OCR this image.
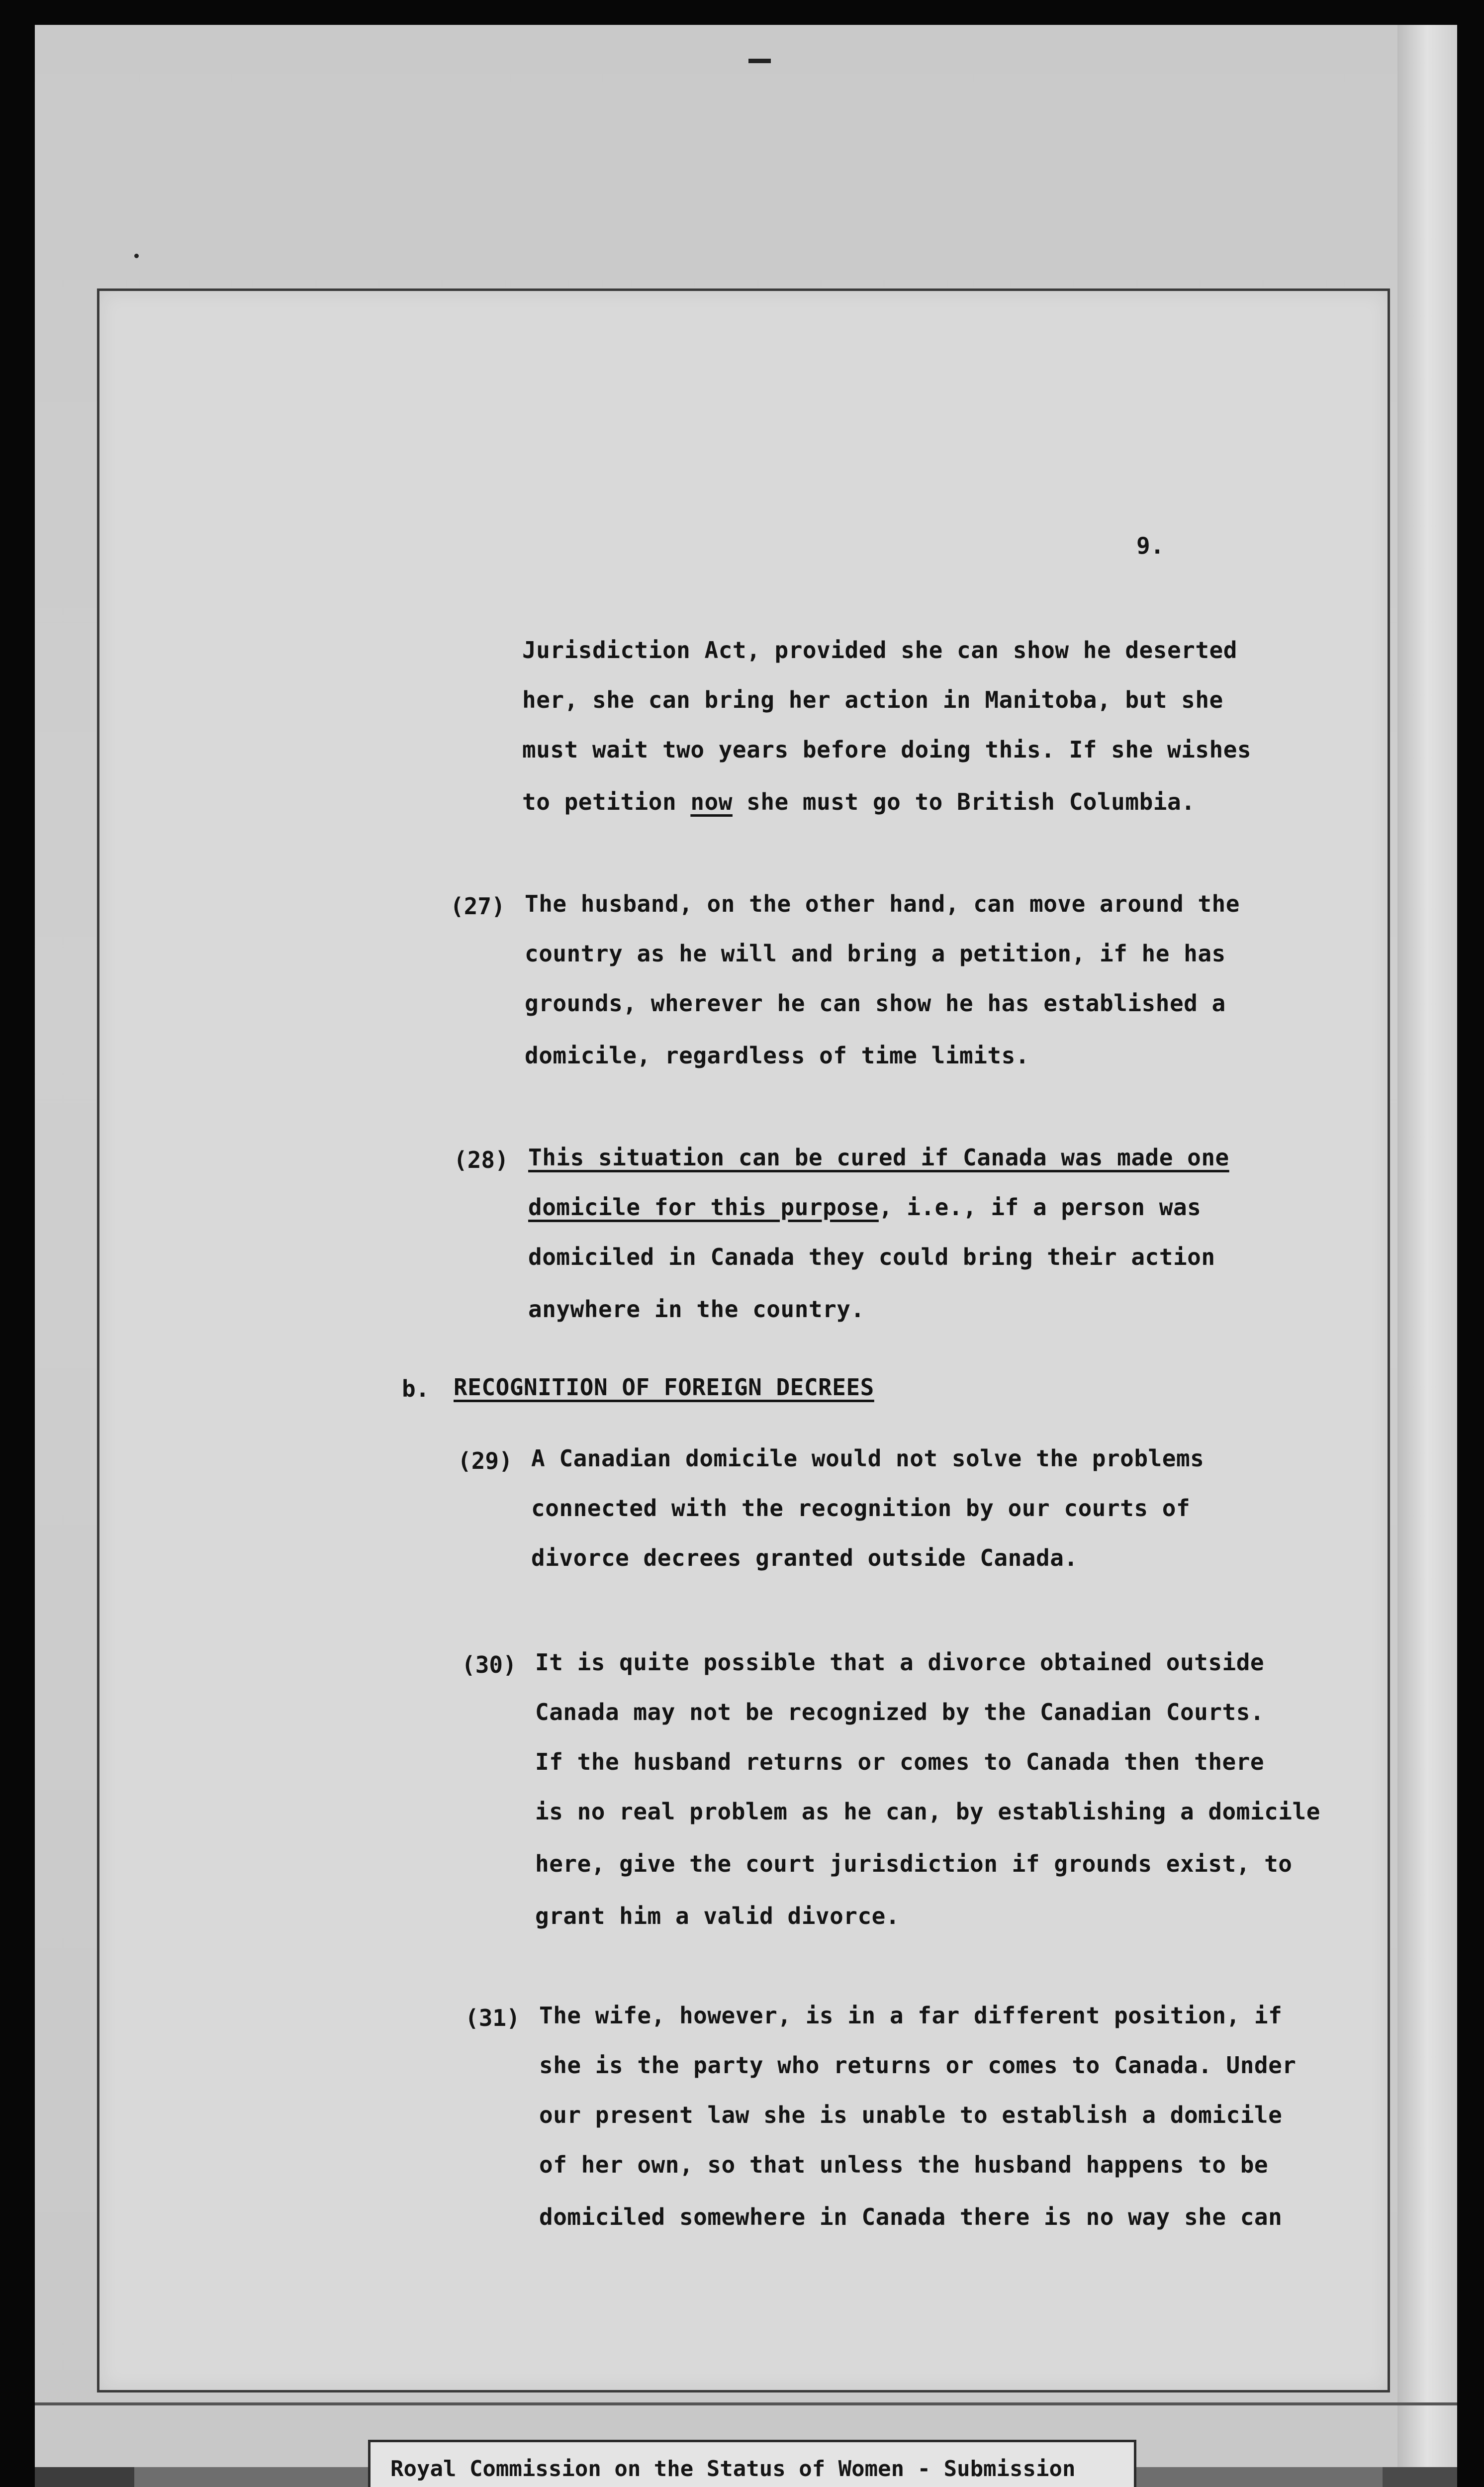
9.
Jurisdiction Act, provided she can show he deserted
her, she can bring her action in Manitoba, but she
must wait two years before doing this. If she wishes
to petition now she must go to British Columbia.
(27) The husband, on the other hand, can move around the
country as he will and bring a petition, if he has
grounds, wherever he can show he has established a
domicile, regardless of time limits.
(28) This situation can be cured if Canada was made one
domicile for this purpose, i.e., if a person was
domiciled in Canada they could bring their action
anywhere in the country.
b. RECOGNITION OF FOREIGN DECREES
(29) A Canadian domicile would not solve the problems
connected with the recognition by our courts of
divorce decrees granted outside Canada.
(30) It is quite possible that a divorce obtained outside
Canada may not be recognized by the Canadian Courts.
If the husband returns or comes to Canada then there
is no real problem as he can, by establishing a domicile
here, give the court jurisdiction if grounds exist, to
grant him a valid divorce.
(31) The wife, however, is in a far different position, if
she is the party who returns or comes to Canada. Under
our present law she is unable to establish a domicile
of her own, so that unless the husband happens to be
domiciled somewhere in Canada there is no way she can
Royal Commission on the Status of Women - Submission
